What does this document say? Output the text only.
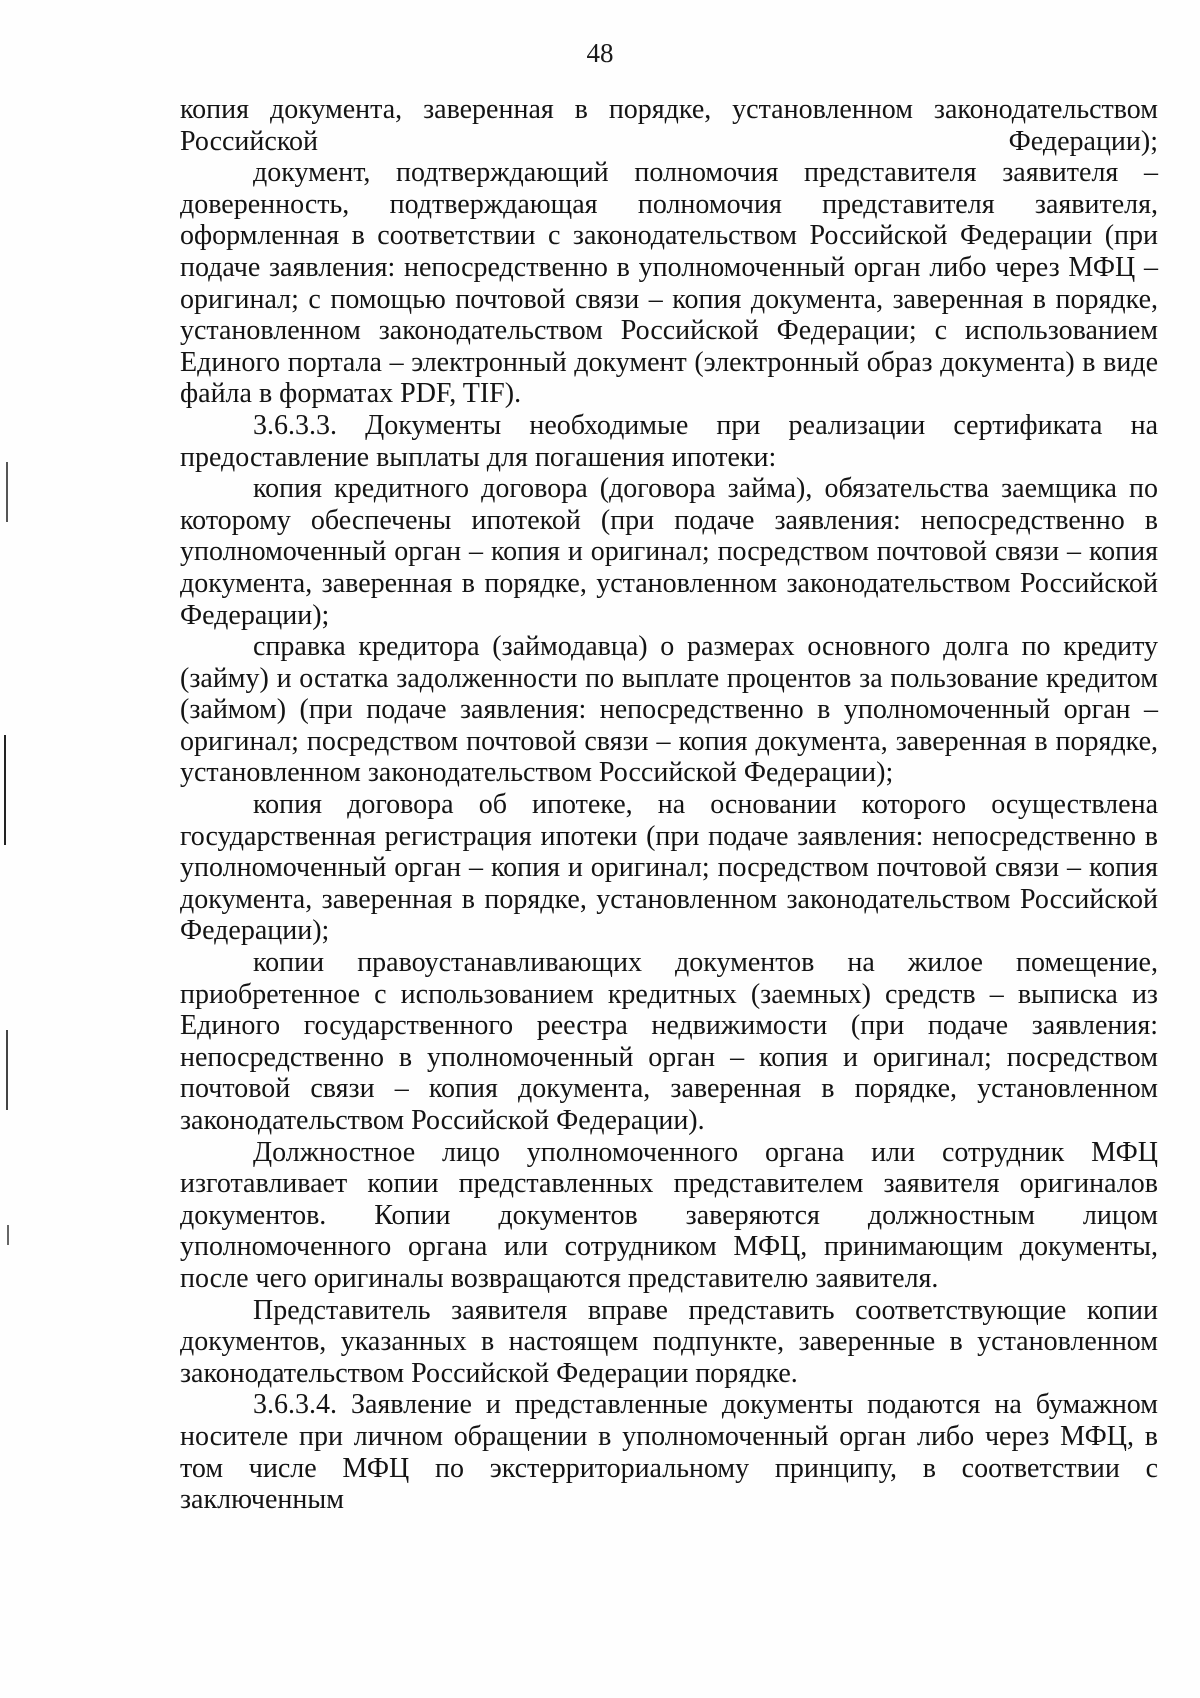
48

копия документа, заверенная в порядке, установленном законодательством Российской Федерации);

документ, подтверждающий полномочия представителя заявителя – доверенность, подтверждающая полномочия представителя заявителя, оформленная в соответствии с законодательством Российской Федерации (при подаче заявления: непосредственно в уполномоченный орган либо через МФЦ – оригинал; с помощью почтовой связи – копия документа, заверенная в порядке, установленном законодательством Российской Федерации; с использованием Единого портала – электронный документ (электронный образ документа) в виде файла в форматах PDF, TIF).

3.6.3.3. Документы необходимые при реализации сертификата на предоставление выплаты для погашения ипотеки:

копия кредитного договора (договора займа), обязательства заемщика по которому обеспечены ипотекой (при подаче заявления: непосредственно в уполномоченный орган – копия и оригинал; посредством почтовой связи – копия документа, заверенная в порядке, установленном законодательством Российской Федерации);

справка кредитора (займодавца) о размерах основного долга по кредиту (займу) и остатка задолженности по выплате процентов за пользование кредитом (займом) (при подаче заявления: непосредственно в уполномоченный орган – оригинал; посредством почтовой связи – копия документа, заверенная в порядке, установленном законодательством Российской Федерации);

копия договора об ипотеке, на основании которого осуществлена государственная регистрация ипотеки (при подаче заявления: непосредственно в уполномоченный орган – копия и оригинал; посредством почтовой связи – копия документа, заверенная в порядке, установленном законодательством Российской Федерации);

копии правоустанавливающих документов на жилое помещение, приобретенное с использованием кредитных (заемных) средств – выписка из Единого государственного реестра недвижимости (при подаче заявления: непосредственно в уполномоченный орган – копия и оригинал; посредством почтовой связи – копия документа, заверенная в порядке, установленном законодательством Российской Федерации).

Должностное лицо уполномоченного органа или сотрудник МФЦ изготавливает копии представленных представителем заявителя оригиналов документов. Копии документов заверяются должностным лицом уполномоченного органа или сотрудником МФЦ, принимающим документы, после чего оригиналы возвращаются представителю заявителя.

Представитель заявителя вправе представить соответствующие копии документов, указанных в настоящем подпункте, заверенные в установленном законодательством Российской Федерации порядке.

3.6.3.4. Заявление и представленные документы подаются на бумажном носителе при личном обращении в уполномоченный орган либо через МФЦ, в том числе МФЦ по экстерриториальному принципу, в соответствии с заключенным
